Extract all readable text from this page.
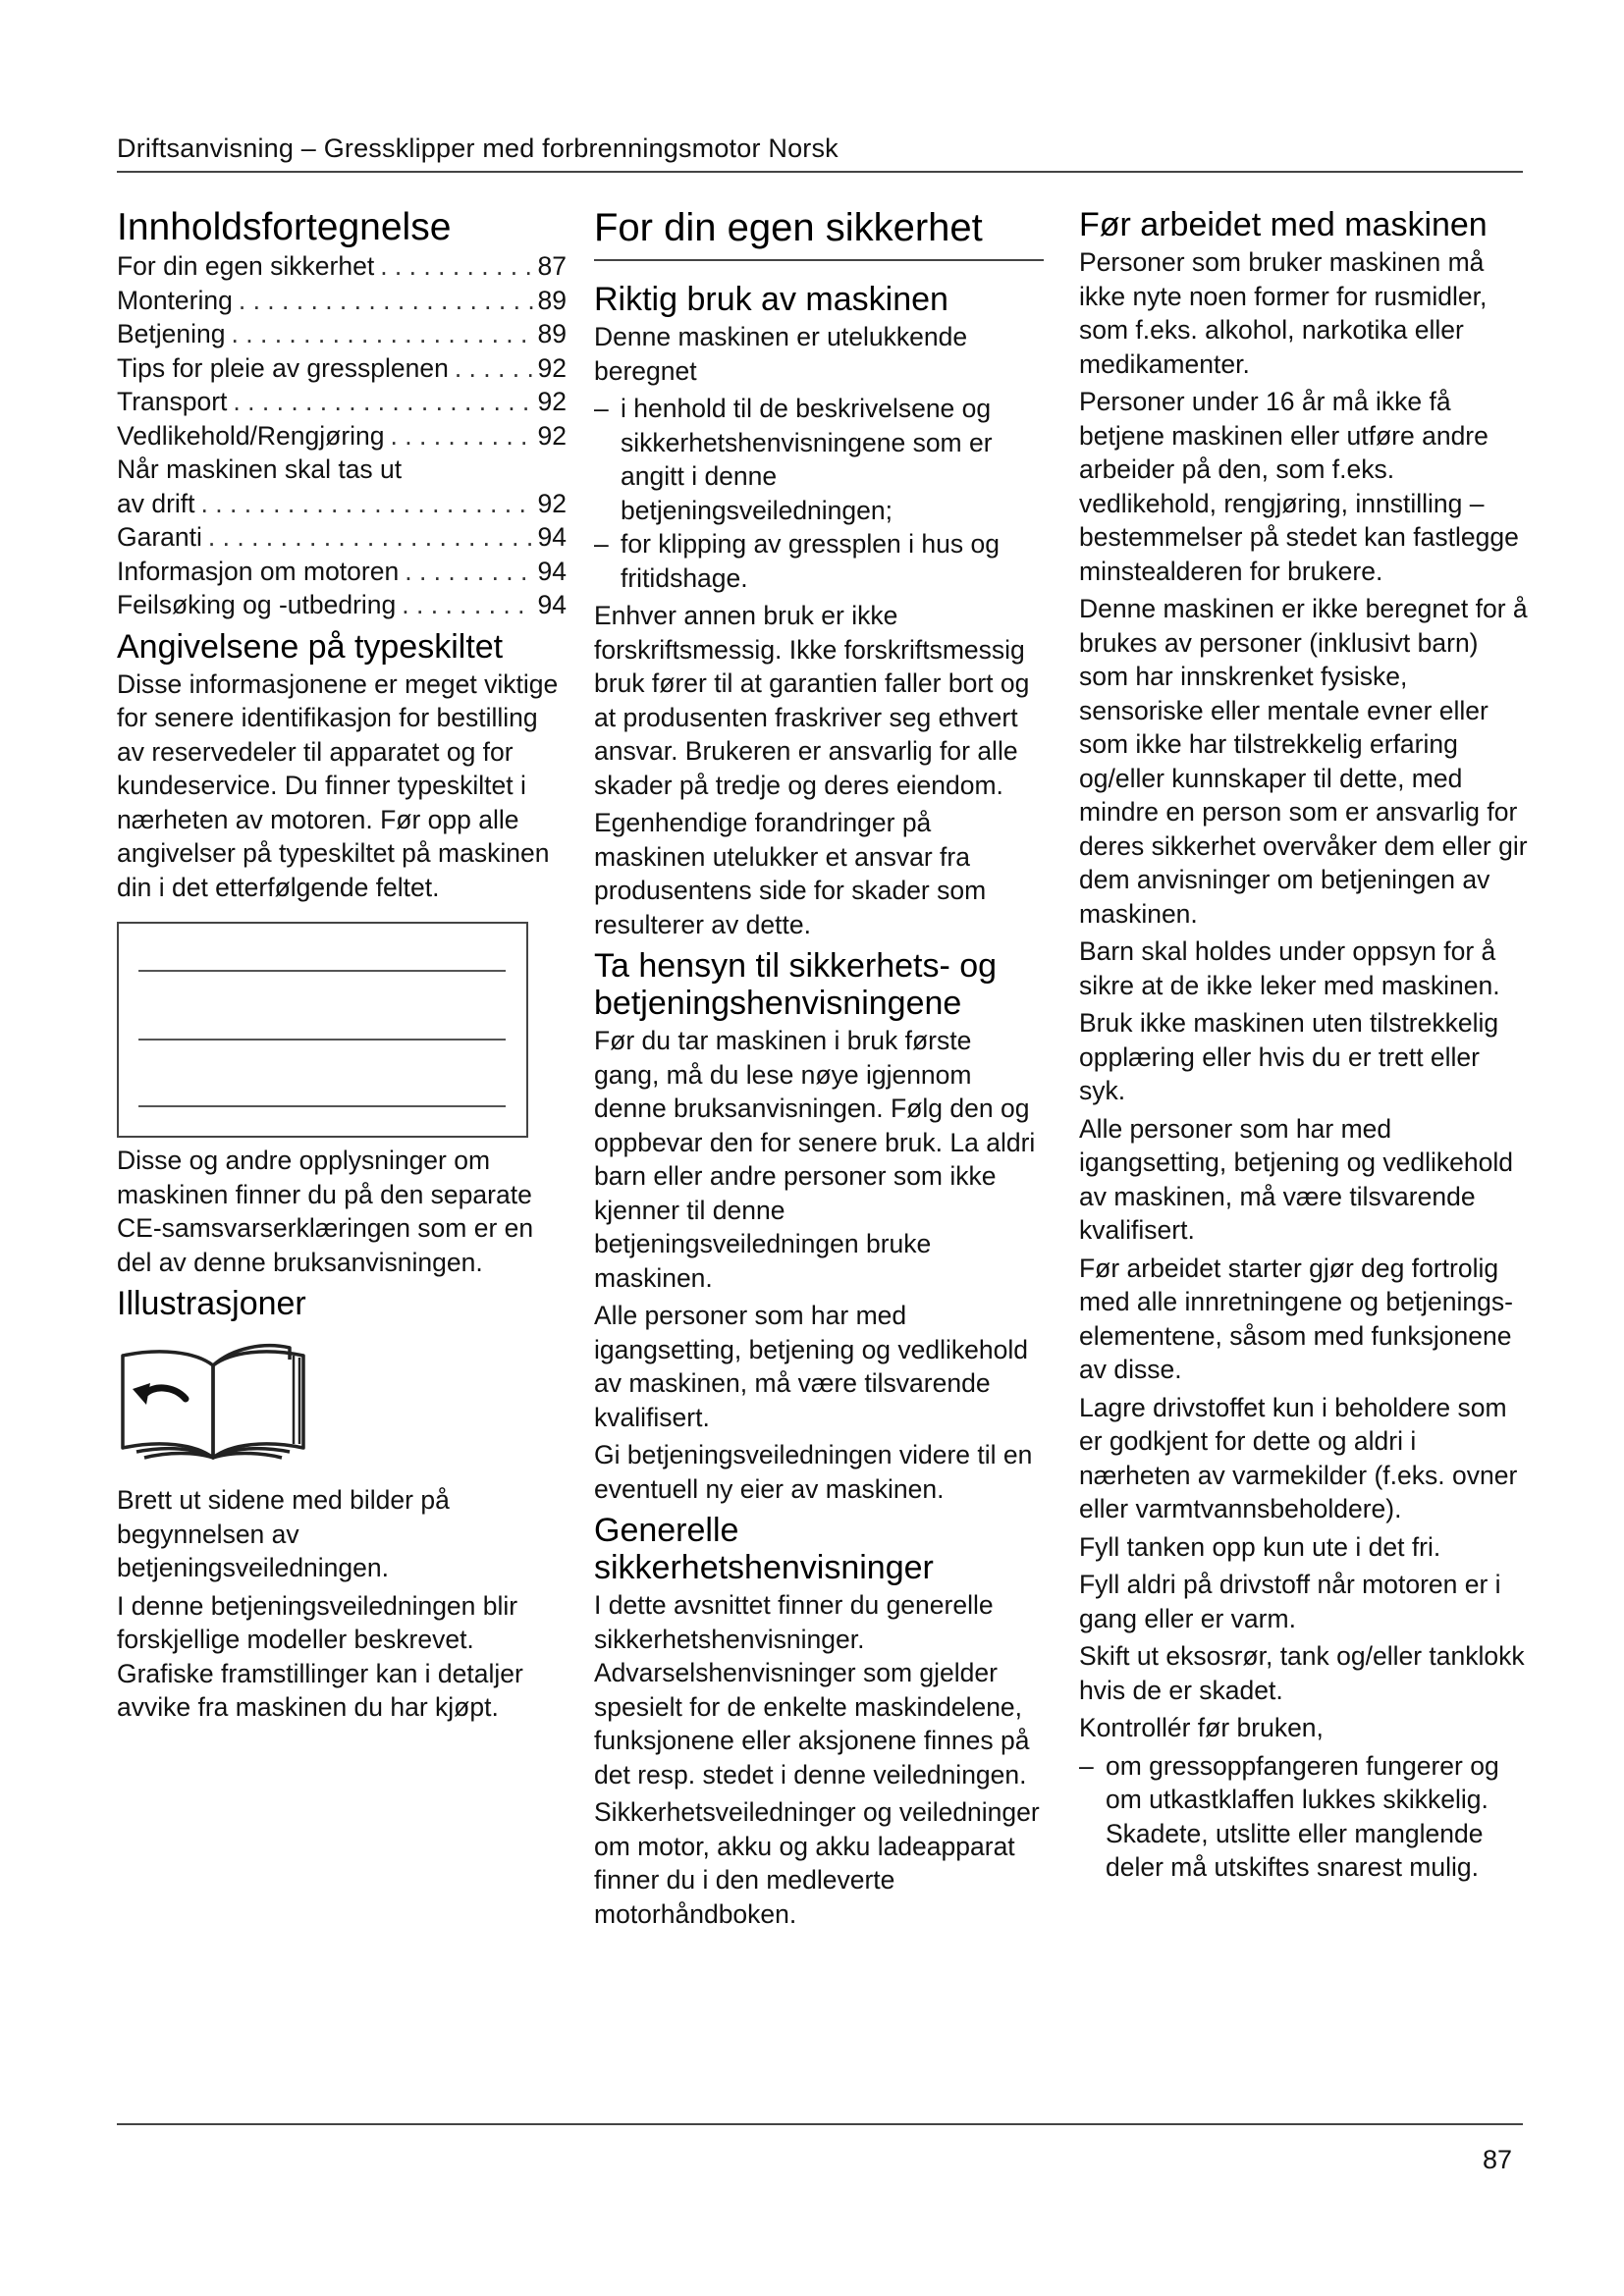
Driftsanvisning – Gressklipper med forbrenningsmotor Norsk
Innholdsfortegnelse
For din egen sikkerhet . . .	87
Montering . . .	89
Betjening . . .	89
Tips for pleie av gressplenen . . .	92
Transport . . .	92
Vedlikehold/Rengjøring . . .	92
Når maskinen skal tas ut
av drift . . .	92
Garanti . . .	94
Informasjon om motoren . . .	94
Feilsøking og -utbedring . . .	94
Angivelsene på typeskiltet

Disse informasjonene er meget viktige for senere identifikasjon for bestilling av reservedeler til apparatet og for kundeservice. Du finner typeskiltet i nærheten av motoren. Før opp alle angivelser på typeskiltet på maskinen din i det etterfølgende feltet.

Disse og andre opplysninger om maskinen finner du på den separate CE-samsvarserklæringen som er en del av denne bruksanvisningen.

Illustrasjoner

Brett ut sidene med bilder på begynnelsen av betjeningsveiledningen.

I denne betjeningsveiledningen blir forskjellige modeller beskrevet. Grafiske framstillinger kan i detaljer avvike fra maskinen du har kjøpt.

For din egen sikkerhet
Riktig bruk av maskinen

Denne maskinen er utelukkende beregnet

– i henhold til de beskrivelsene og sikkerhetshenvisningene som er angitt i denne betjeningsveiledningen;
– for klipping av gressplen i hus og fritidshage.

Enhver annen bruk er ikke forskriftsmessig. Ikke forskriftsmessig bruk fører til at garantien faller bort og at produsenten fraskriver seg ethvert ansvar. Brukeren er ansvarlig for alle skader på tredje og deres eiendom.

Egenhendige forandringer på maskinen utelukker et ansvar fra produsentens side for skader som resulterer av dette.

Ta hensyn til sikkerhets- og betjeningshenvisningene

Før du tar maskinen i bruk første gang, må du lese nøye igjennom denne bruksanvisningen. Følg den og oppbevar den for senere bruk. La aldri barn eller andre personer som ikke kjenner til denne betjeningsveiledningen bruke maskinen.

Alle personer som har med igangsetting, betjening og vedlikehold av maskinen, må være tilsvarende kvalifisert.

Gi betjeningsveiledningen videre til en eventuell ny eier av maskinen.

Generelle sikkerhetshenvisninger

I dette avsnittet finner du generelle sikkerhetshenvisninger. Advarselshenvisninger som gjelder spesielt for de enkelte maskindelene, funksjonene eller aksjonene finnes på det resp. stedet i denne veiledningen.

Sikkerhetsveiledninger og veiledninger om motor, akku og akku ladeapparat finner du i den medleverte motorhåndboken.

Før arbeidet med maskinen

Personer som bruker maskinen må ikke nyte noen former for rusmidler, som f.eks. alkohol, narkotika eller medikamenter.

Personer under 16 år må ikke få betjene maskinen eller utføre andre arbeider på den, som f.eks. vedlikehold, rengjøring, innstilling – bestemmelser på stedet kan fastlegge minstealderen for brukere.

Denne maskinen er ikke beregnet for å brukes av personer (inklusivt barn) som har innskrenket fysiske, sensoriske eller mentale evner eller som ikke har tilstrekkelig erfaring og/eller kunnskaper til dette, med mindre en person som er ansvarlig for deres sikkerhet overvåker dem eller gir dem anvisninger om betjeningen av maskinen.

Barn skal holdes under oppsyn for å sikre at de ikke leker med maskinen.

Bruk ikke maskinen uten tilstrekkelig opplæring eller hvis du er trett eller syk.

Alle personer som har med igangsetting, betjening og vedlikehold av maskinen, må være tilsvarende kvalifisert.

Før arbeidet starter gjør deg fortrolig med alle innretningene og betjenings-elementene, såsom med funksjonene av disse.

Lagre drivstoffet kun i beholdere som er godkjent for dette og aldri i nærheten av varmekilder (f.eks. ovner eller varmtvannsbeholdere).

Fyll tanken opp kun ute i det fri.

Fyll aldri på drivstoff når motoren er i gang eller er varm.

Skift ut eksosrør, tank og/eller tanklokk hvis de er skadet.

Kontrollér før bruken,

– om gressoppfangeren fungerer og om utkastklaffen lukkes skikkelig. Skadete, utslitte eller manglende deler må utskiftes snarest mulig.
87
